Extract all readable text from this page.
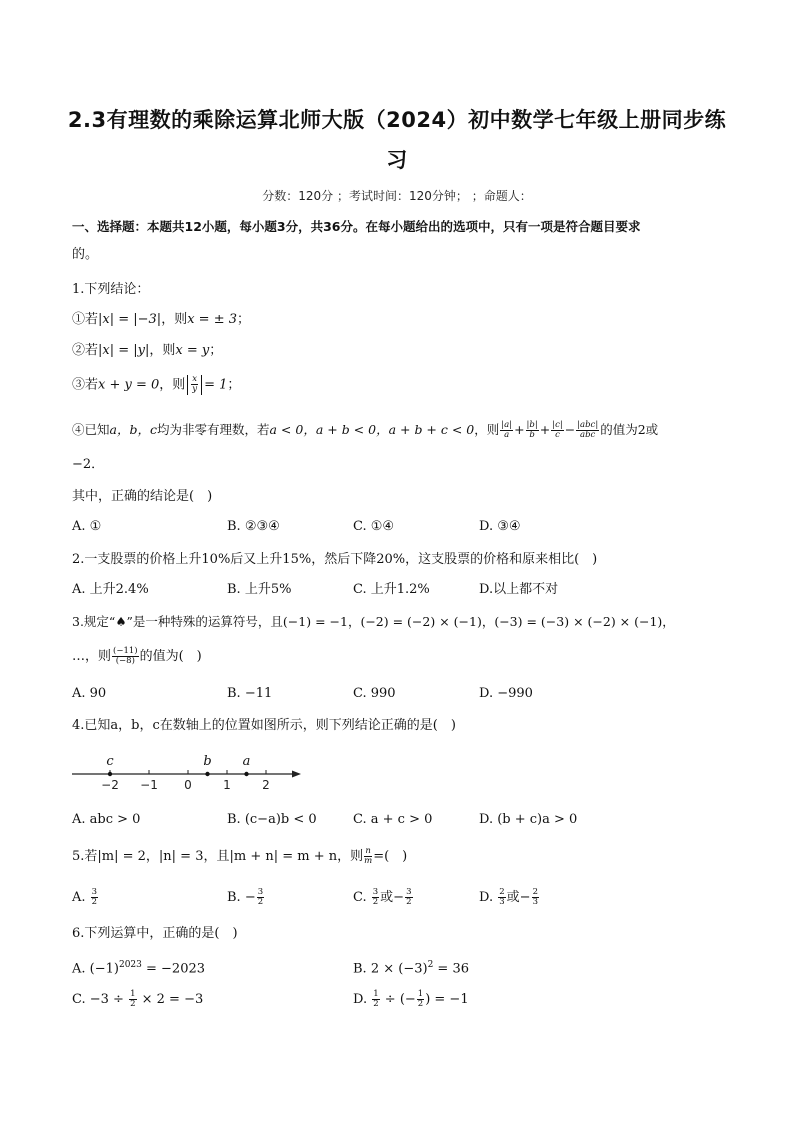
2.3有理数的乘除运算北师大版（2024）初中数学七年级上册同步练
习
分数：120分 ；考试时间：120分钟； ；命题人：
一、选择题：本题共12小题，每小题3分，共36分。在每小题给出的选项中，只有一项是符合题目要求
的。
1.下列结论：
①若|x| = |−3|，则x = ± 3；
②若|x| = |y|，则x = y；
③若x + y = 0，则 $\frac{x}{y} = 1$；
④已知a，b，c均为非零有理数，若a < 0，a + b < 0，a + b + c < 0，则 $\frac{|a|}{a} + \frac{|b|}{b} + \frac{|c|}{c} - \frac{\text{|abc|}}{\text{abc}}$ 的值为2或
−2．
其中，正确的结论是(　)
A. ①	B. ②③④	C. ①④	D. ③④
2.一支股票的价格上升10%后又上升15%，然后下降20%，这支股票的价格和原来相比(　)
A. 上升2.4%	B. 上升5%	C. 上升1.2%	D.以上都不对
3.规定“♠”是一种特殊的运算符号，且(−1) = −1，(−2) = (−2) × (−1)，(−3) = (−3) × (−2) × (−1)，
…，则 $\frac{(-11)}{(-8)}$ 的值为(　)
A. 90	B. −11	C. 990	D. −990
4.已知a，b，c在数轴上的位置如图所示，则下列结论正确的是(　)
−2 −1 0	1	2
c	b a
A. abc > 0	B. (c−a)b < 0	C. a + c > 0	D. (b + c)a > 0
5.若|m| = 2，|n| = 3，且|m + n| = m + n，则 $\frac{n}{m}$ =(　)
A. $\frac{3}{2}$	B. − $\frac{3}{2}$	C. $\frac{3}{2}$ 或− $\frac{3}{2}$	D. $\frac{2}{3}$ 或− $\frac{2}{3}$
6.下列运算中，正确的是(　)
A. $(-1)^{2023} = -2023$	B. $2 \times (-3)^2 = 36$
C. $-3 \div \frac{1}{2} \times 2 = -3$	D. $\frac{1}{2}$ ÷ (− $\frac{1}{2}$ ) = −1
